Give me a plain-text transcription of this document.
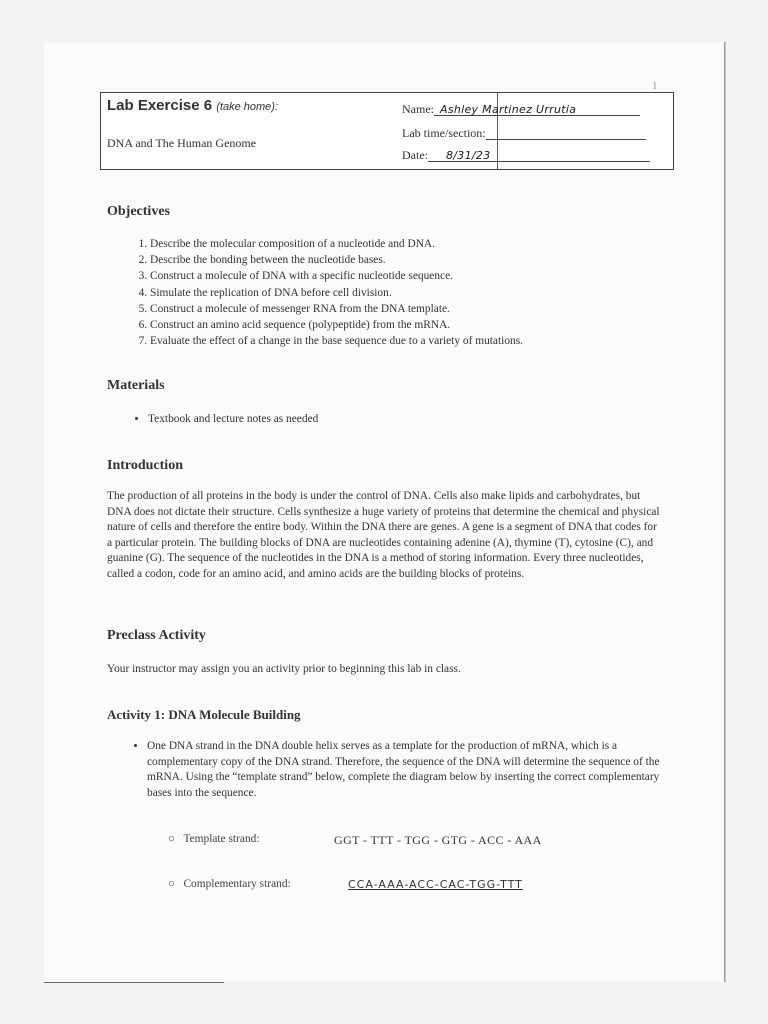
1
Lab Exercise 6 (take home):
DNA and The Human Genome
Name: Ashley Martinez Urrutia
Lab time/section:
Date: 8/31/23
Objectives
1. Describe the molecular composition of a nucleotide and DNA.
2. Describe the bonding between the nucleotide bases.
3. Construct a molecule of DNA with a specific nucleotide sequence.
4. Simulate the replication of DNA before cell division.
5. Construct a molecule of messenger RNA from the DNA template.
6. Construct an amino acid sequence (polypeptide) from the mRNA.
7. Evaluate the effect of a change in the base sequence due to a variety of mutations.
Materials
• Textbook and lecture notes as needed
Introduction
The production of all proteins in the body is under the control of DNA. Cells also make lipids and carbohydrates, but DNA does not dictate their structure. Cells synthesize a huge variety of proteins that determine the chemical and physical nature of cells and therefore the entire body. Within the DNA there are genes. A gene is a segment of DNA that codes for a particular protein. The building blocks of DNA are nucleotides containing adenine (A), thymine (T), cytosine (C), and guanine (G). The sequence of the nucleotides in the DNA is a method of storing information. Every three nucleotides, called a codon, code for an amino acid, and amino acids are the building blocks of proteins.
Preclass Activity
Your instructor may assign you an activity prior to beginning this lab in class.
Activity 1: DNA Molecule Building
• One DNA strand in the DNA double helix serves as a template for the production of mRNA, which is a complementary copy of the DNA strand. Therefore, the sequence of the DNA will determine the sequence of the mRNA. Using the “template strand” below, complete the diagram below by inserting the correct complementary bases into the sequence.
○   Template strand:	GGT - TTT - TGG - GTG - ACC - AAA
○   Complementary strand:	CCA-AAA-ACC-CAC-TGG-TTT
